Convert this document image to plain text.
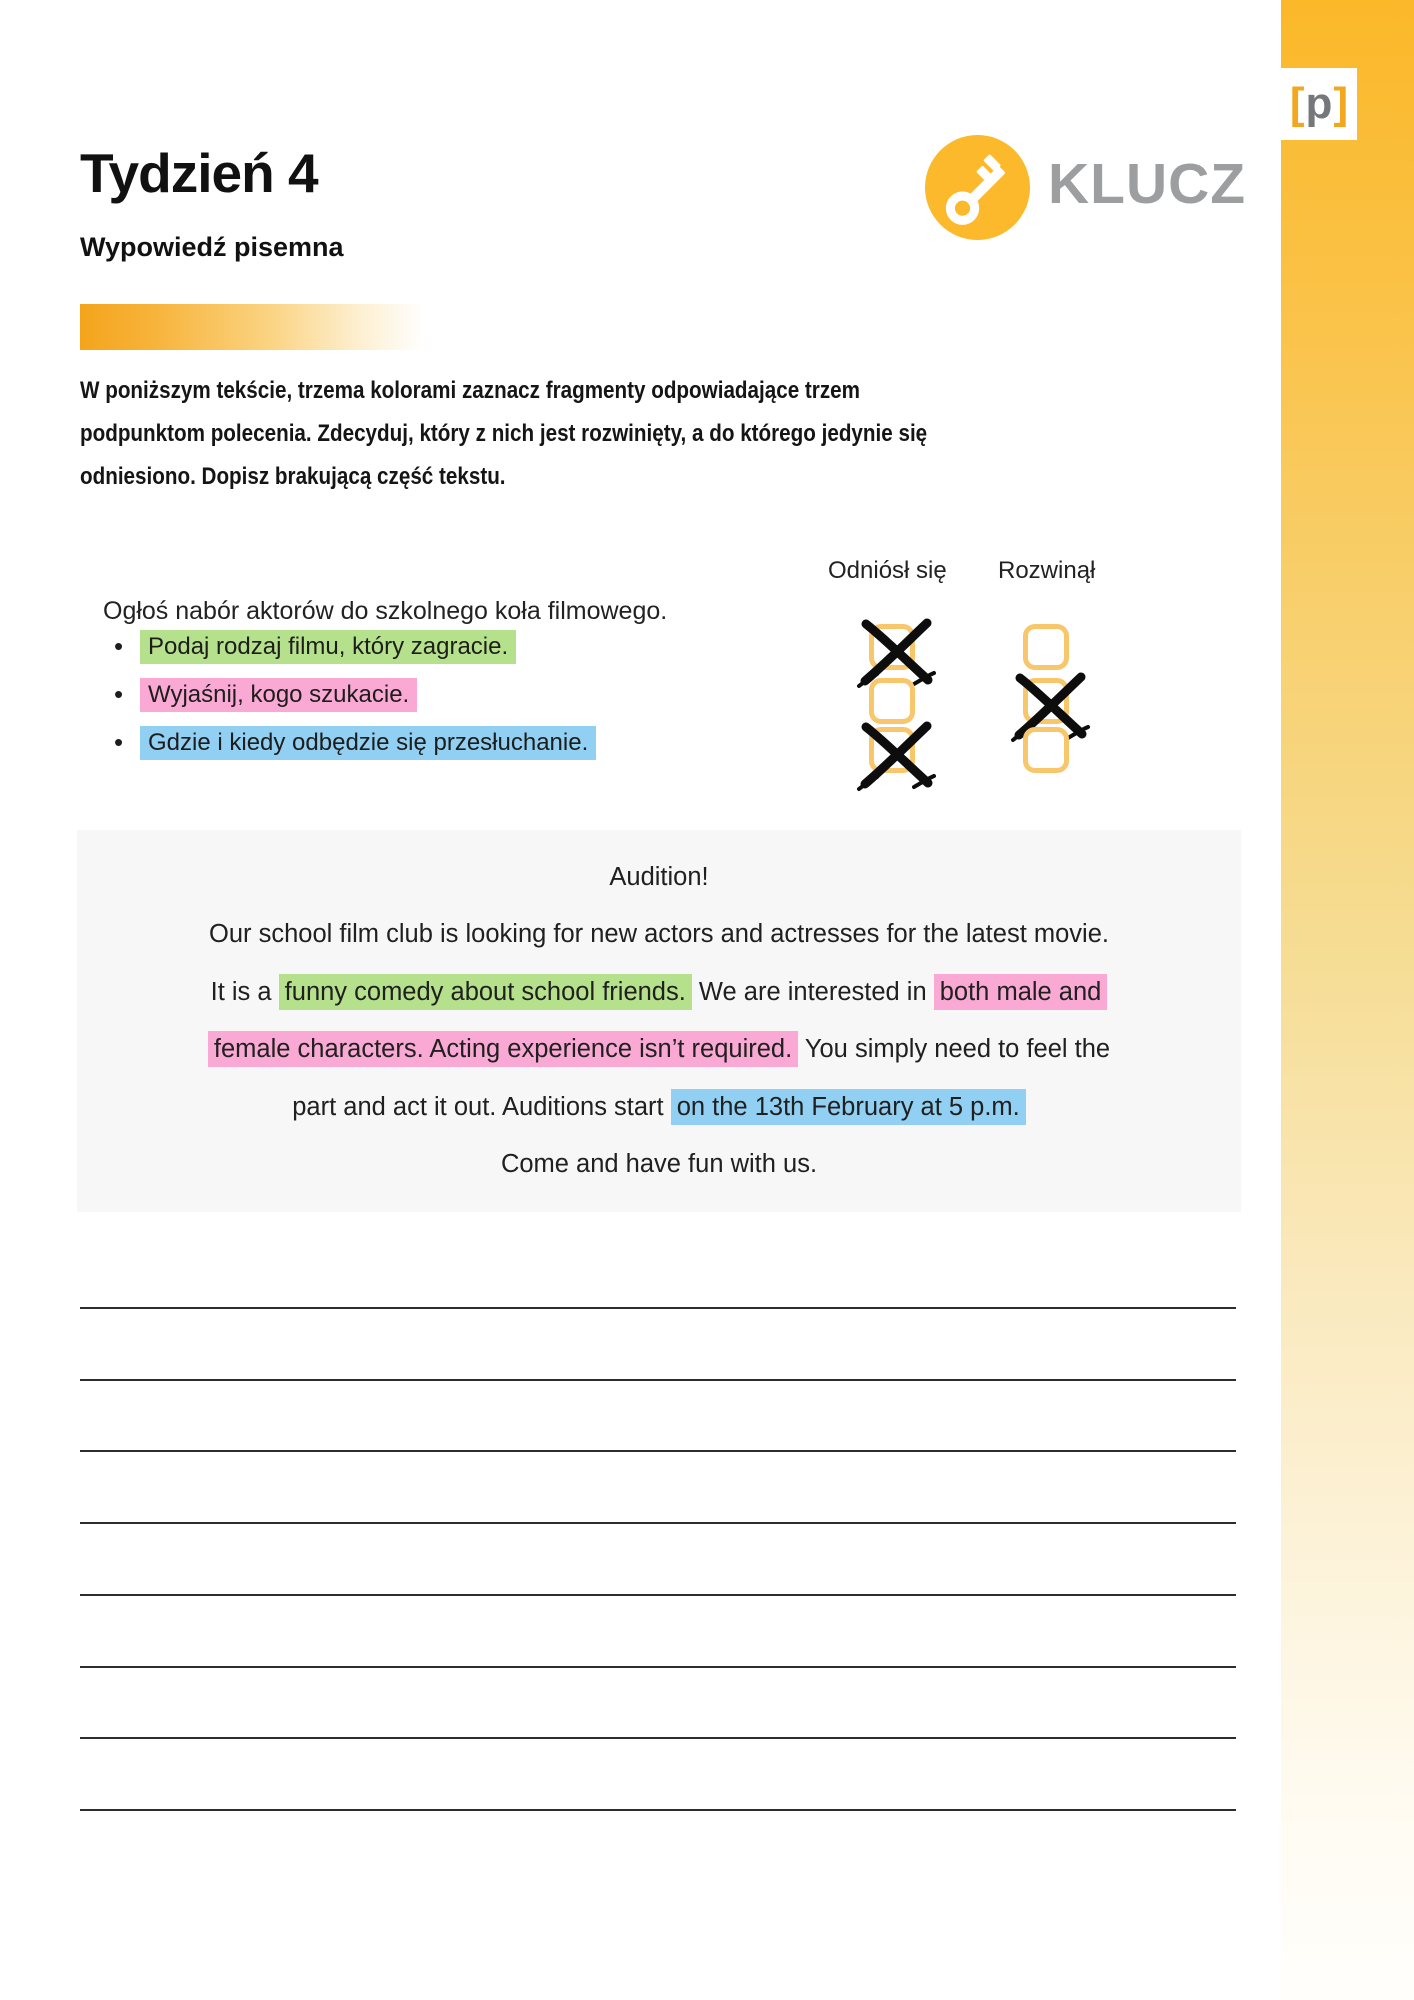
[ p ]
Tydzień 4
Wypowiedź pisemna
KLUCZ
W poniższym tekście, trzema kolorami zaznacz fragmenty odpowiadające trzem
podpunktom polecenia. Zdecyduj, który z nich jest rozwinięty, a do którego jedynie się
odniesiono. Dopisz brakującą część tekstu.
Ogłoś nabór aktorów do szkolnego koła filmowego.
•	Podaj rodzaj filmu, który zagracie.
•	Wyjaśnij, kogo szukacie.
•	Gdzie i kiedy odbędzie się przesłuchanie.
Odniósł się Rozwinął
Audition!
Our school film club is looking for new actors and actresses for the latest movie.
It is a funny comedy about school friends. We are interested in both male and
female characters. Acting experience isn’t required. You simply need to feel the
part and act it out. Auditions start on the 13th February at 5 p.m.
Come and have fun with us.
